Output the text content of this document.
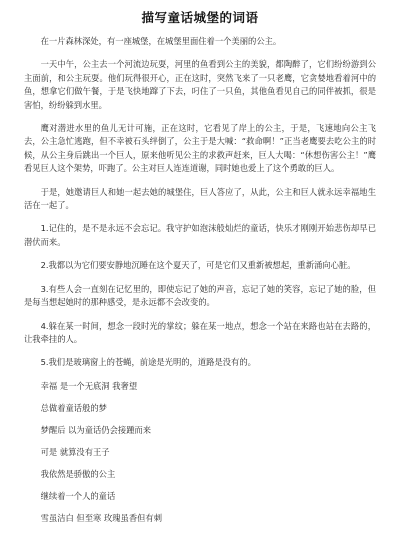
描写童话城堡的词语

在一片森林深处，有一座城堡，在城堡里面住着一个美丽的公主。

一天中午，公主去一个河流边玩耍，河里的鱼看到公主的美貌，都陶醉了，它们纷纷游到公主面前，和公主玩耍。他们玩得很开心，正在这时，突然飞来了一只老鹰，它贪婪地看着河中的鱼，想拿它们做午餐，于是飞快地蹿了下去，叼住了一只鱼，其他鱼看见自己的同伴被抓，很是害怕，纷纷躲到水里。

鹰对潜进水里的鱼儿无计可施，正在这时，它看见了岸上的公主，于是，飞速地向公主飞去，公主急忙逃跑，但不幸被石头绊倒了，公主于是大喊：“救命啊！”正当老鹰要去吃公主的时候，从公主身后跳出一个巨人，原来他听见公主的求救声赶来，巨人大喝：“休想伤害公主！”鹰看见巨人这个架势，吓跑了。公主对巨人连连道谢，同时她也爱上了这个勇敢的巨人。

于是，她邀请巨人和她一起去她的城堡住，巨人答应了，从此，公主和巨人就永远幸福地生活在一起了。

1.记住的，是不是永远不会忘记。我守护如泡沫般灿烂的童话，快乐才刚刚开始悲伤却早已潜伏而来。

2.我都以为它们要安静地沉睡在这个夏天了，可是它们又重新被想起，重新涌向心脏。

3.有些人会一直刻在记忆里的，即使忘记了她的声音，忘记了她的笑容，忘记了她的脸，但是每当想起她时的那种感受，是永远都不会改变的。

4.躲在某一时间，想念一段时光的掌纹；躲在某一地点，想念一个站在来路也站在去路的，让我牵挂的人。

5.我们是玻璃窗上的苍蝇，前途是光明的，道路是没有的。

幸福 是一个无底洞 我奢望

总做着童话般的梦

梦醒后 以为童话仍会接踵而来

可是 就算没有王子

我依然是骄傲的公主

继续着一个人的童话

雪虽洁白 但至寒 玫瑰虽香但有刺
